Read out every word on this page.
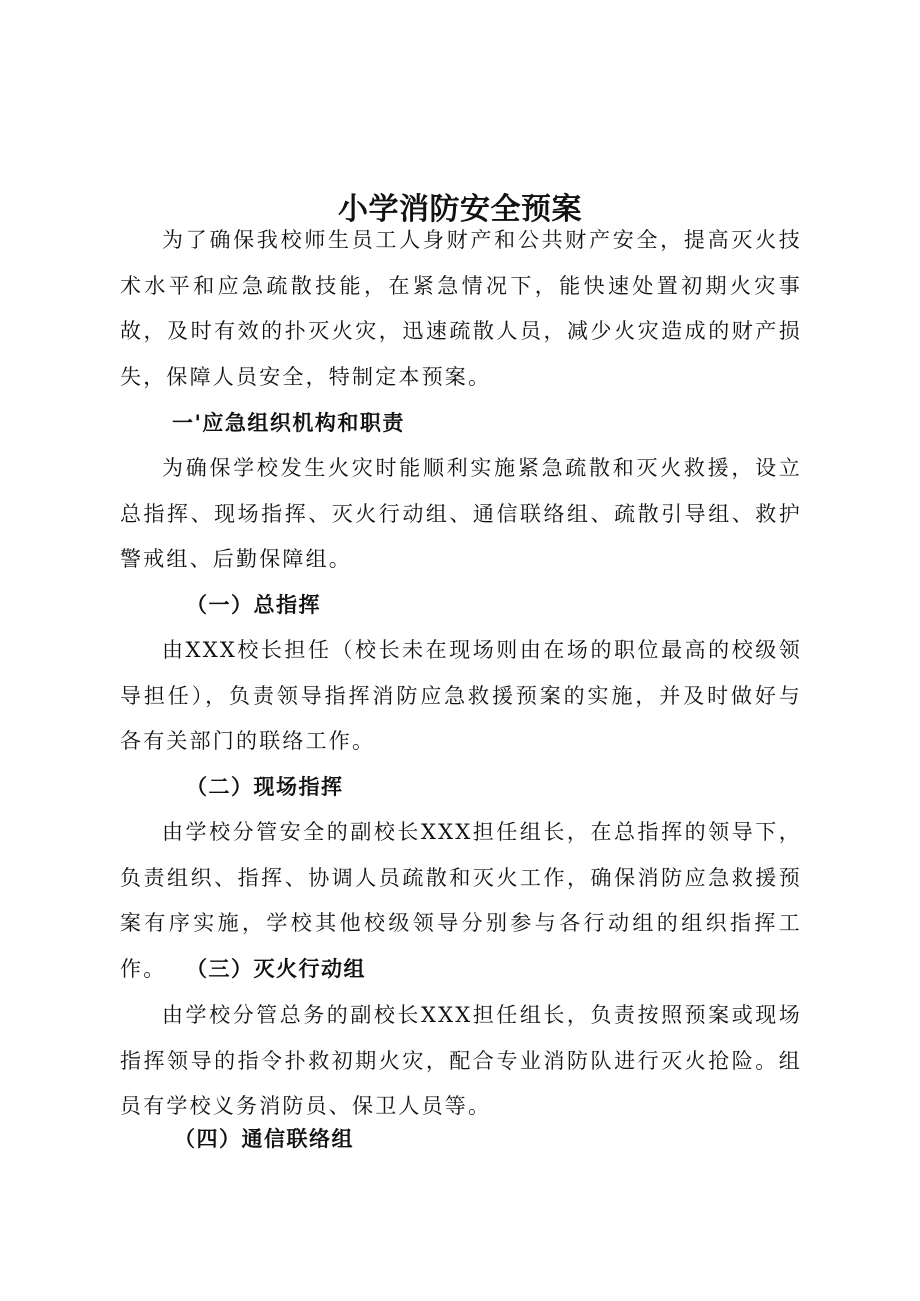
小学消防安全预案

为了确保我校师生员工人身财产和公共财产安全，提高灭火技术水平和应急疏散技能，在紧急情况下，能快速处置初期火灾事故，及时有效的扑灭火灾，迅速疏散人员，减少火灾造成的财产损失，保障人员安全，特制定本预案。

一'应急组织机构和职责

为确保学校发生火灾时能顺利实施紧急疏散和灭火救援，设立总指挥、现场指挥、灭火行动组、通信联络组、疏散引导组、救护警戒组、后勤保障组。

（一）总指挥

由XXX校长担任（校长未在现场则由在场的职位最高的校级领导担任），负责领导指挥消防应急救援预案的实施，并及时做好与各有关部门的联络工作。

（二）现场指挥

由学校分管安全的副校长XXX担任组长，在总指挥的领导下，负责组织、指挥、协调人员疏散和灭火工作，确保消防应急救援预案有序实施，学校其他校级领导分别参与各行动组的组织指挥工作。 （三）灭火行动组

由学校分管总务的副校长XXX担任组长，负责按照预案或现场指挥领导的指令扑救初期火灾，配合专业消防队进行灭火抢险。组员有学校义务消防员、保卫人员等。

（四）通信联络组
